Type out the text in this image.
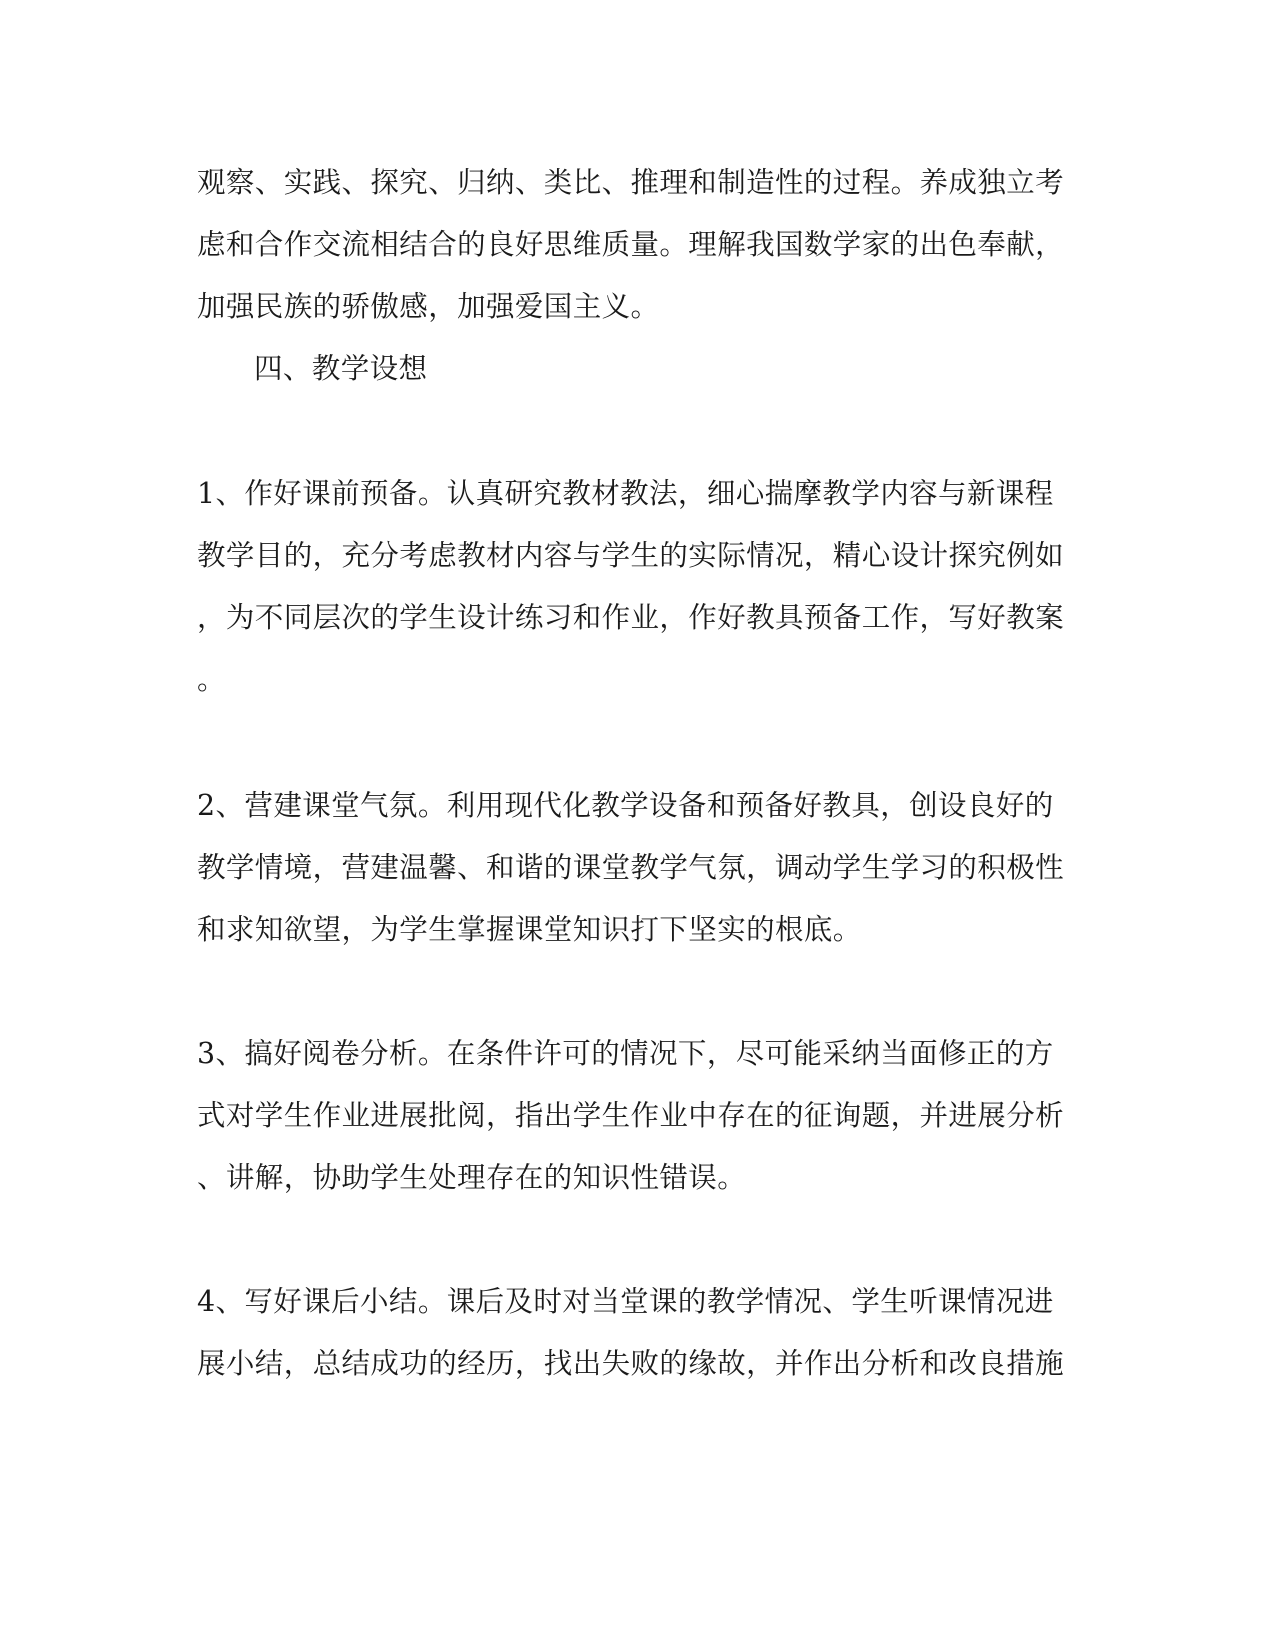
观察、实践、探究、归纳、类比、推理和制造性的过程。养成独立考
虑和合作交流相结合的良好思维质量。理解我国数学家的出色奉献，
加强民族的骄傲感，加强爱国主义。
四、教学设想
1、作好课前预备。认真研究教材教法，细心揣摩教学内容与新课程
教学目的，充分考虑教材内容与学生的实际情况，精心设计探究例如
，为不同层次的学生设计练习和作业，作好教具预备工作，写好教案
。
2、营建课堂气氛。利用现代化教学设备和预备好教具，创设良好的
教学情境，营建温馨、和谐的课堂教学气氛，调动学生学习的积极性
和求知欲望，为学生掌握课堂知识打下坚实的根底。
3、搞好阅卷分析。在条件许可的情况下，尽可能采纳当面修正的方
式对学生作业进展批阅，指出学生作业中存在的征询题，并进展分析
、讲解，协助学生处理存在的知识性错误。
4、写好课后小结。课后及时对当堂课的教学情况、学生听课情况进
展小结，总结成功的经历，找出失败的缘故，并作出分析和改良措施
